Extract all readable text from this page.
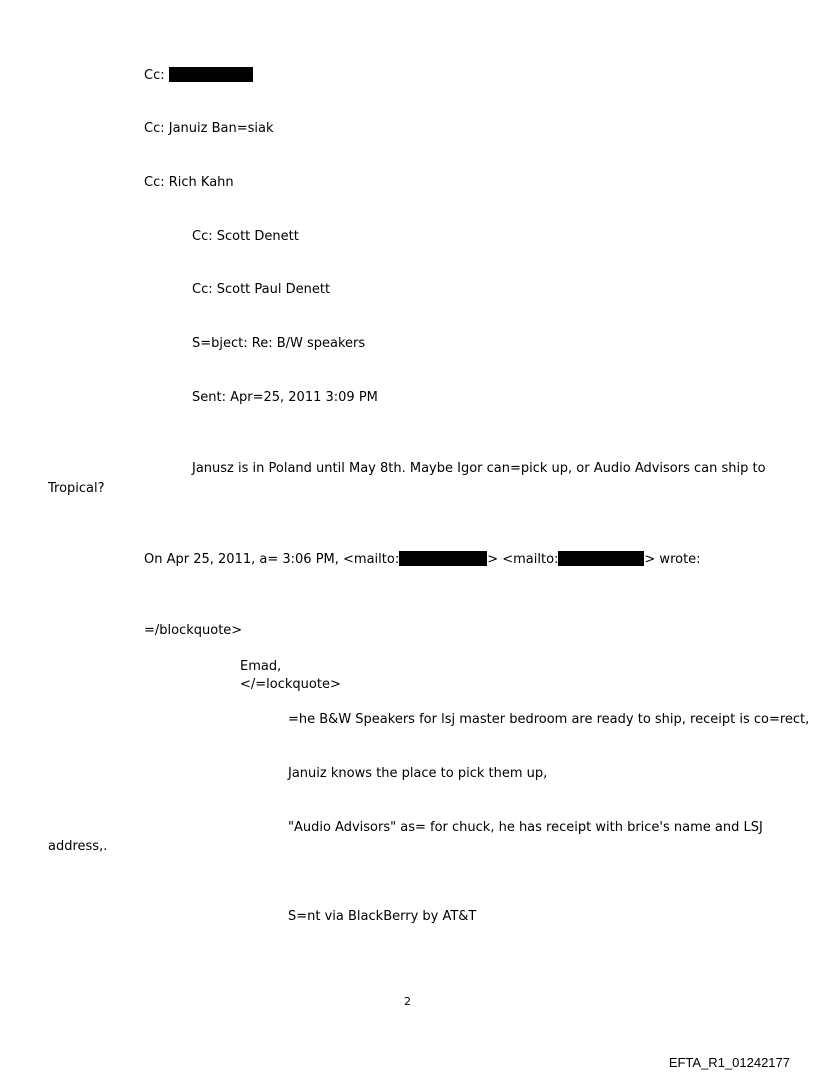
Cc:
Cc: Januiz Ban=siak
Cc: Rich Kahn
Cc: Scott Denett
Cc: Scott Paul Denett
S=bject: Re: B/W speakers
Sent: Apr=25, 2011 3:09 PM
Janusz is in Poland until May 8th. Maybe Igor can=pick up, or Audio Advisors can ship to
Tropical?
On Apr 25, 2011, a= 3:06 PM, <mailto:	> <mailto:	> wrote:
=/blockquote>
Emad,
</=lockquote>
=he B&W Speakers for lsj master bedroom are ready to ship, receipt is co=rect,
Januiz knows the place to pick them up,
"Audio Advisors" as= for chuck, he has receipt with brice's name and LSJ
address,.
S=nt via BlackBerry by AT&T
2
EFTA_R1_01242177
